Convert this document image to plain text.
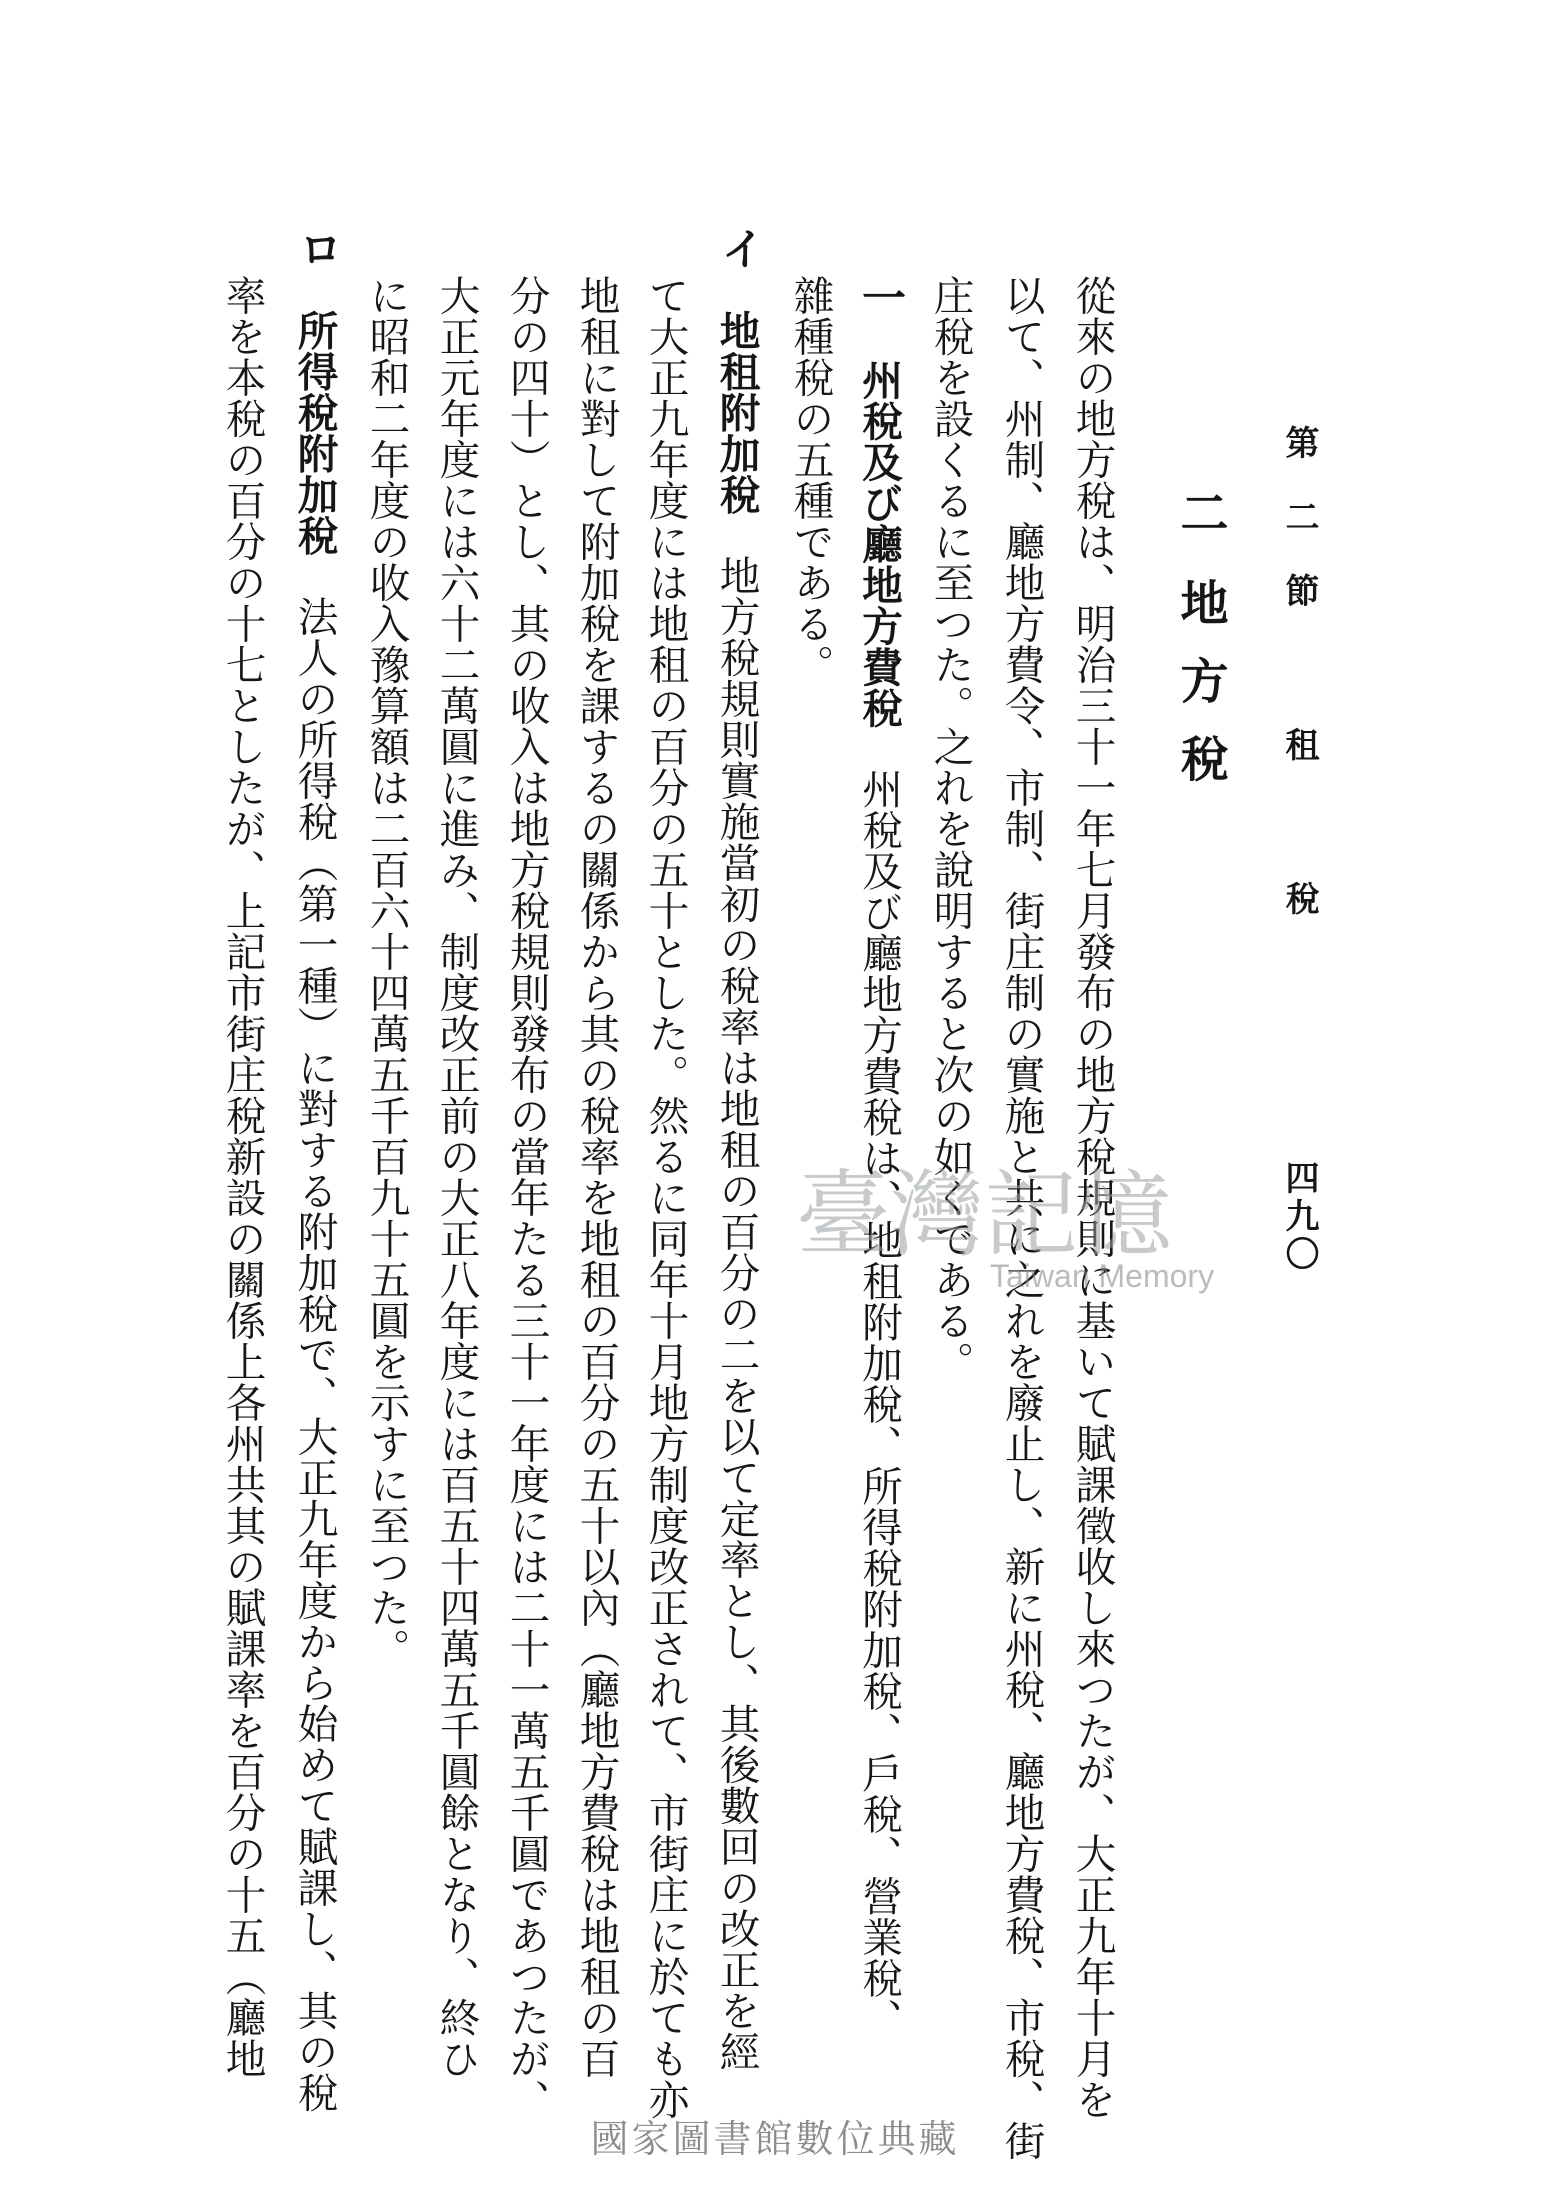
第二節 租 稅
四九〇
二地方稅
從來の地方稅は、明治三十一年七月發布の地方稅規則に基いて賦課徵收し來つたが、大正九年十月を
以て、州制、廳地方費令、市制、街庄制の實施と共に之れを廢止し、新に州稅、廳地方費稅、市稅、街
庄稅を設くるに至つた。之れを說明すると次の如くである。
一州稅及び廳地方費稅州稅及び廳地方費稅は、地租附加稅、所得稅附加稅、戶稅、營業稅、
雜種稅の五種である。
イ
地租附加稅地方稅規則實施當初の稅率は地租の百分の二を以て定率とし、其後數回の改正を經
て大正九年度には地租の百分の五十とした。然るに同年十月地方制度改正されて、市街庄に於ても亦
地租に對して附加稅を課するの關係から其の稅率を地租の百分の五十以內（廳地方費稅は地租の百
分の四十）とし、其の收入は地方稅規則發布の當年たる三十一年度には二十一萬五千圓であつたが、
大正元年度には六十二萬圓に進み、制度改正前の大正八年度には百五十四萬五千圓餘となり、終ひ
に昭和二年度の收入豫算額は二百六十四萬五千百九十五圓を示すに至つた。
ロ
所得稅附加稅法人の所得稅（第一種）に對する附加稅で、大正九年度から始めて賦課し、其の稅
率を本稅の百分の十七としたが、上記市街庄稅新設の關係上各州共其の賦課率を百分の十五（廳地	臺灣記憶
Taiwan Memory
國家圖書館數位典藏
